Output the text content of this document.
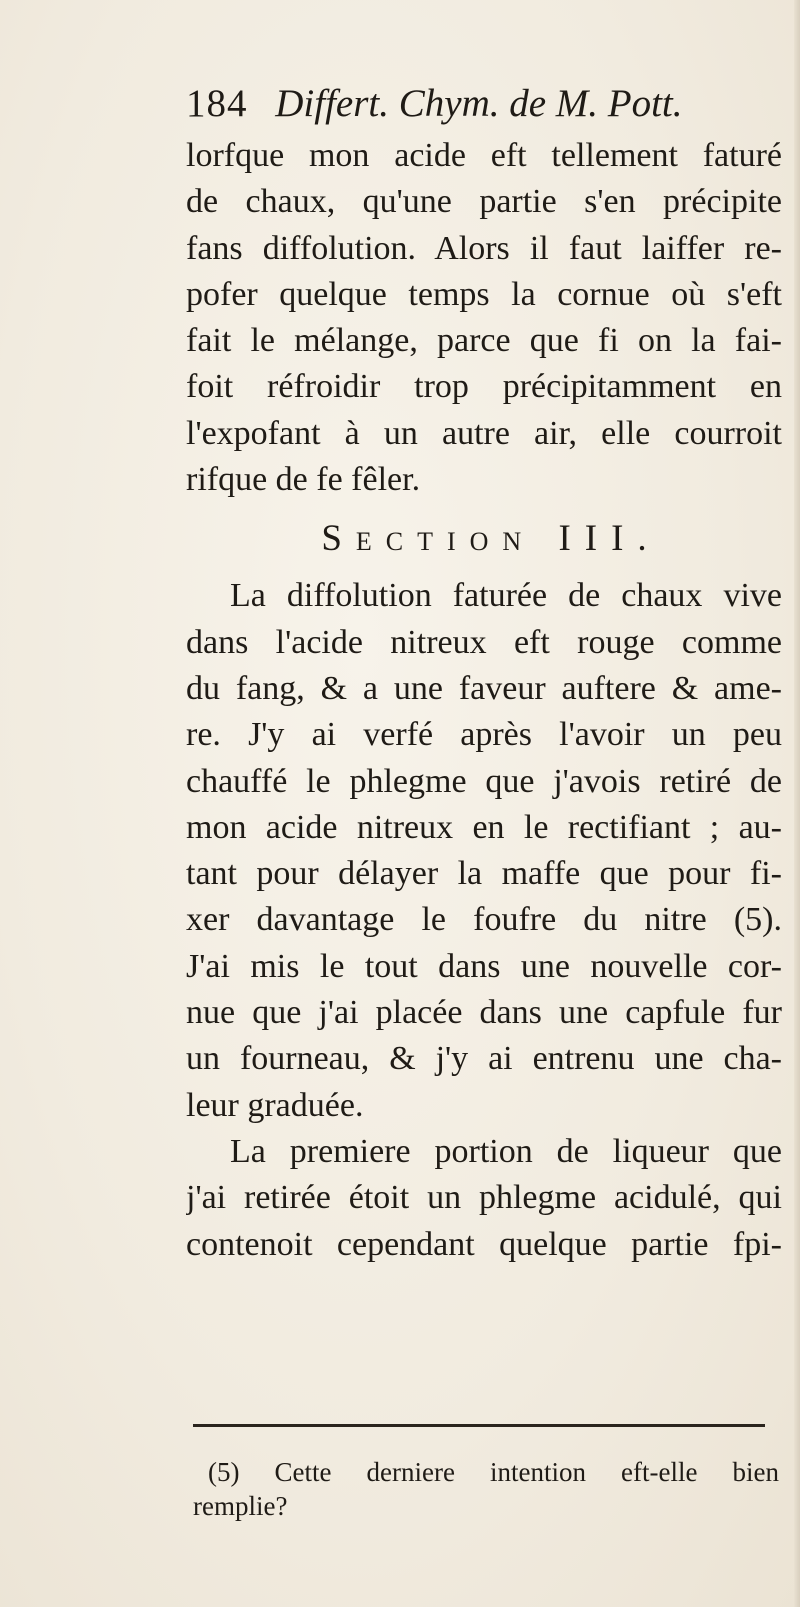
184 Differt. Chym. de M. Pott.
lorfque mon acide eft tellement faturé
de chaux, qu'une partie s'en précipite
fans diffolution. Alors il faut laiffer re-
pofer quelque temps la cornue où s'eft
fait le mélange, parce que fi on la fai-
foit réfroidir trop précipitamment en
l'expofant à un autre air, elle courroit
rifque de fe fêler.
Section III.
La diffolution faturée de chaux vive
dans l'acide nitreux eft rouge comme
du fang, & a une faveur auftere & ame-
re. J'y ai verfé après l'avoir un peu
chauffé le phlegme que j'avois retiré de
mon acide nitreux en le rectifiant ; au-
tant pour délayer la maffe que pour fi-
xer davantage le foufre du nitre (5).
J'ai mis le tout dans une nouvelle cor-
nue que j'ai placée dans une capfule fur
un fourneau, & j'y ai entrenu une cha-
leur graduée.
La premiere portion de liqueur que
j'ai retirée étoit un phlegme acidulé, qui
contenoit cependant quelque partie fpi-
(5) Cette derniere intention eft-elle bien
remplie?
